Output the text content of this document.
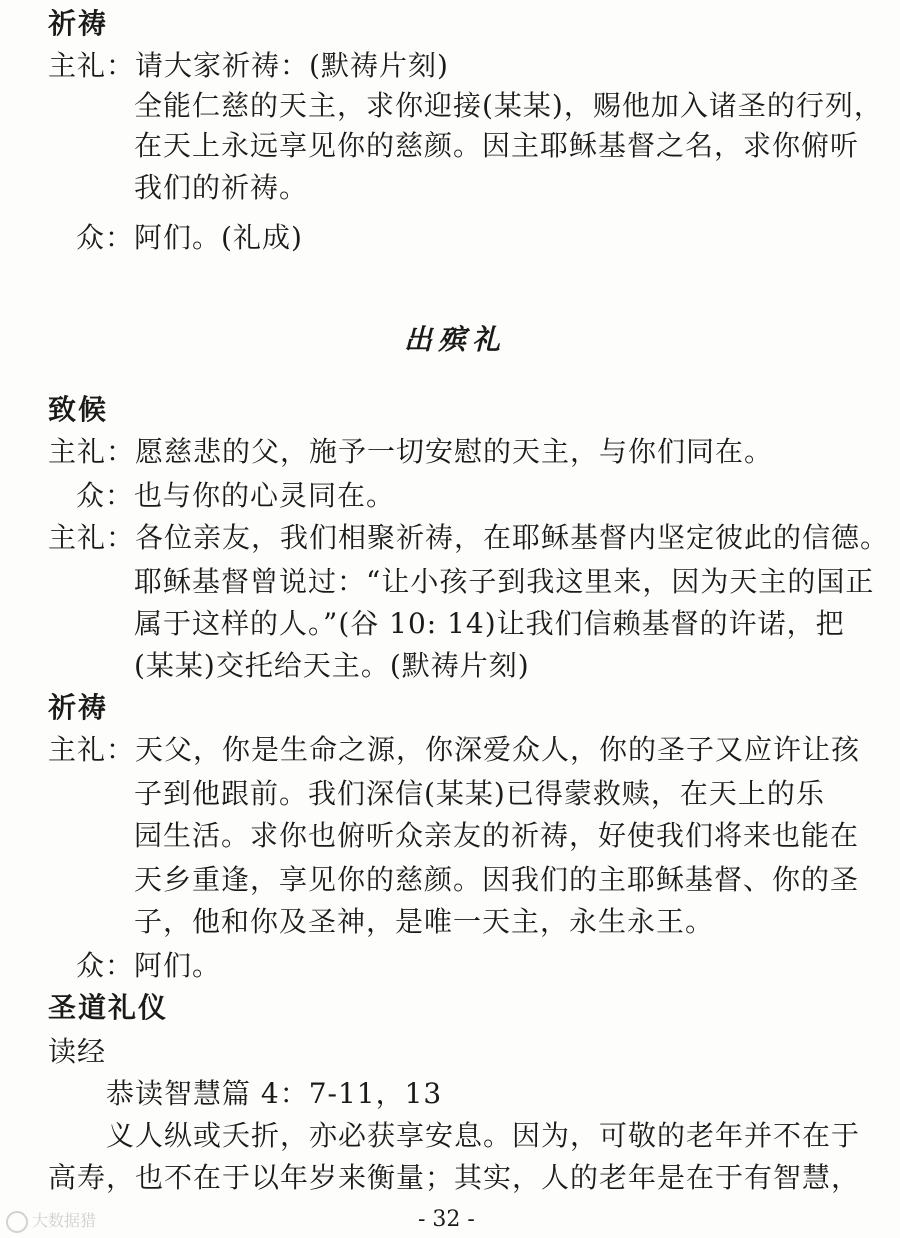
祈祷
主礼：请大家祈祷：(默祷片刻)
全能仁慈的天主，求你迎接(某某)，赐他加入诸圣的行列，
在天上永远享见你的慈颜。因主耶稣基督之名，求你俯听
我们的祈祷。
众：阿们。(礼成)
出殡礼
致候
主礼：愿慈悲的父，施予一切安慰的天主，与你们同在。
众：也与你的心灵同在。
主礼：各位亲友，我们相聚祈祷，在耶稣基督内坚定彼此的信德。
耶稣基督曾说过：“让小孩子到我这里来，因为天主的国正
属于这样的人。”(谷 10: 14)让我们信赖基督的许诺，把
(某某)交托给天主。(默祷片刻)
祈祷
主礼：天父，你是生命之源，你深爱众人，你的圣子又应许让孩
子到他跟前。我们深信(某某)已得蒙救赎，在天上的乐
园生活。求你也俯听众亲友的祈祷，好使我们将来也能在
天乡重逢，享见你的慈颜。因我们的主耶稣基督、你的圣
子，他和你及圣神，是唯一天主，永生永王。
众：阿们。
圣道礼仪
读经
恭读智慧篇 4：7-11，13
义人纵或夭折，亦必获享安息。因为，可敬的老年并不在于
高寿，也不在于以年岁来衡量；其实，人的老年是在于有智慧，
- 32 -
大数据猎
